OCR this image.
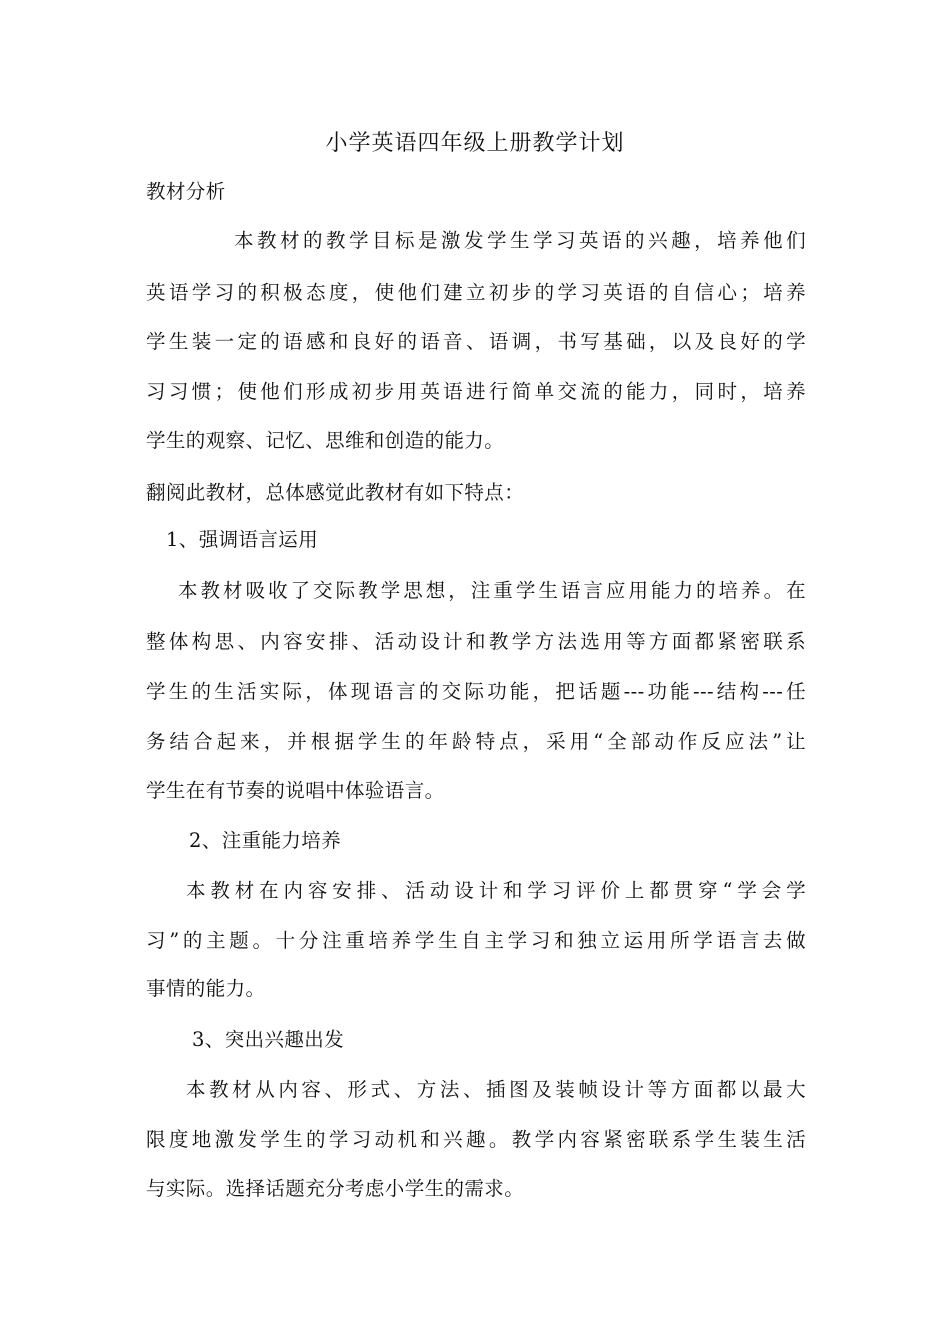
小学英语四年级上册教学计划
教材分析
本教材的教学目标是激发学生学习英语的兴趣，培养他们
英语学习的积极态度，使他们建立初步的学习英语的自信心；培养
学生装一定的语感和良好的语音、语调，书写基础，以及良好的学
习习惯；使他们形成初步用英语进行简单交流的能力，同时，培养
学生的观察、记忆、思维和创造的能力。
翻阅此教材，总体感觉此教材有如下特点：
1、强调语言运用
本教材吸收了交际教学思想，注重学生语言应用能力的培养。在
整体构思、内容安排、活动设计和教学方法选用等方面都紧密联系
学生的生活实际，体现语言的交际功能，把话题---功能---结构---任
务结合起来，并根据学生的年龄特点，采用“全部动作反应法”让
学生在有节奏的说唱中体验语言。
2、注重能力培养
本教材在内容安排、活动设计和学习评价上都贯穿“学会学
习”的主题。十分注重培养学生自主学习和独立运用所学语言去做
事情的能力。
3、突出兴趣出发
本教材从内容、形式、方法、插图及装帧设计等方面都以最大
限度地激发学生的学习动机和兴趣。教学内容紧密联系学生装生活
与实际。选择话题充分考虑小学生的需求。
